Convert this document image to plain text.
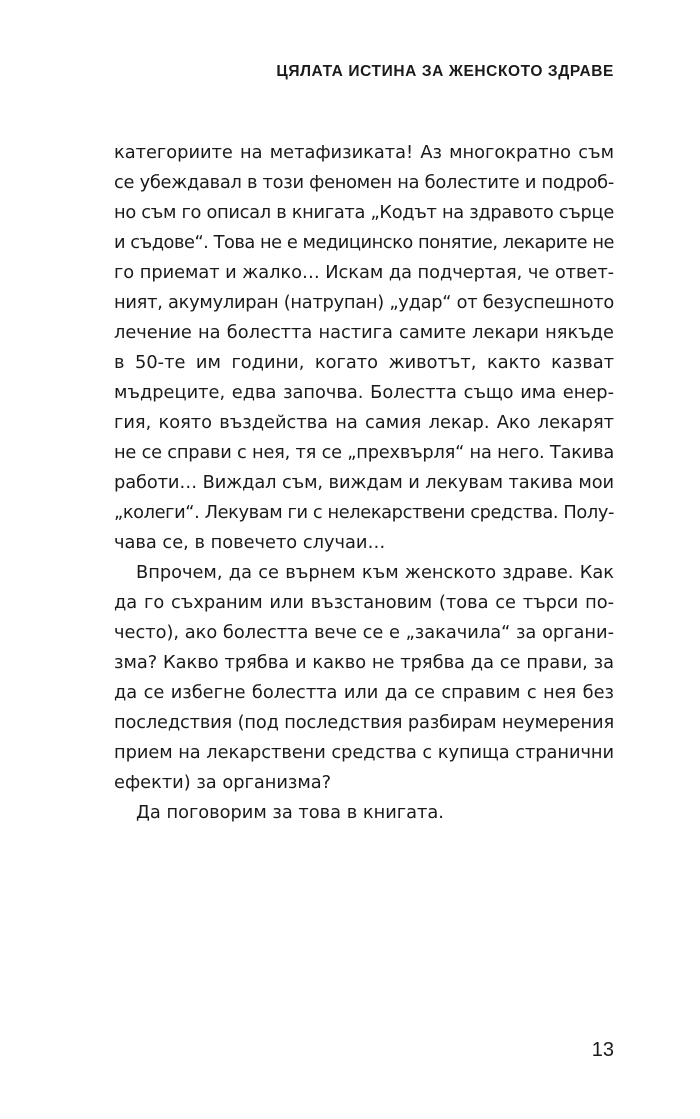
ЦЯЛАТА ИСТИНА ЗА ЖЕНСКОТО ЗДРАВЕ
категориите на метафизиката! Аз многократно съм
се убеждавал в този феномен на болестите и подроб-
но съм го описал в книгата „Кодът на здравото сърце
и съдове“. Това не е медицинско понятие, лекарите не
го приемат и жалко… Искам да подчертая, че ответ-
ният, акумулиран (натрупан) „удар“ от безуспешното
лечение на болестта настига самите лекари някъде
в 50-те им години, когато животът, както казват
мъдреците, едва започва. Болестта също има енер-
гия, която въздейства на самия лекар. Ако лекарят
не се справи с нея, тя се „прехвърля“ на него. Такива
работи… Виждал съм, виждам и лекувам такива мои
„колеги“. Лекувам ги с нелекарствени средства. Полу-
чава се, в повечето случаи…
Впрочем, да се върнем към женското здраве. Как
да го съхраним или възстановим (това се търси по-
често), ако болестта вече се е „закачила“ за органи-
зма? Какво трябва и какво не трябва да се прави, за
да се избегне болестта или да се справим с нея без
последствия (под последствия разбирам неумерения
прием на лекарствени средства с купища странични
ефекти) за организма?
Да поговорим за това в книгата.
13
